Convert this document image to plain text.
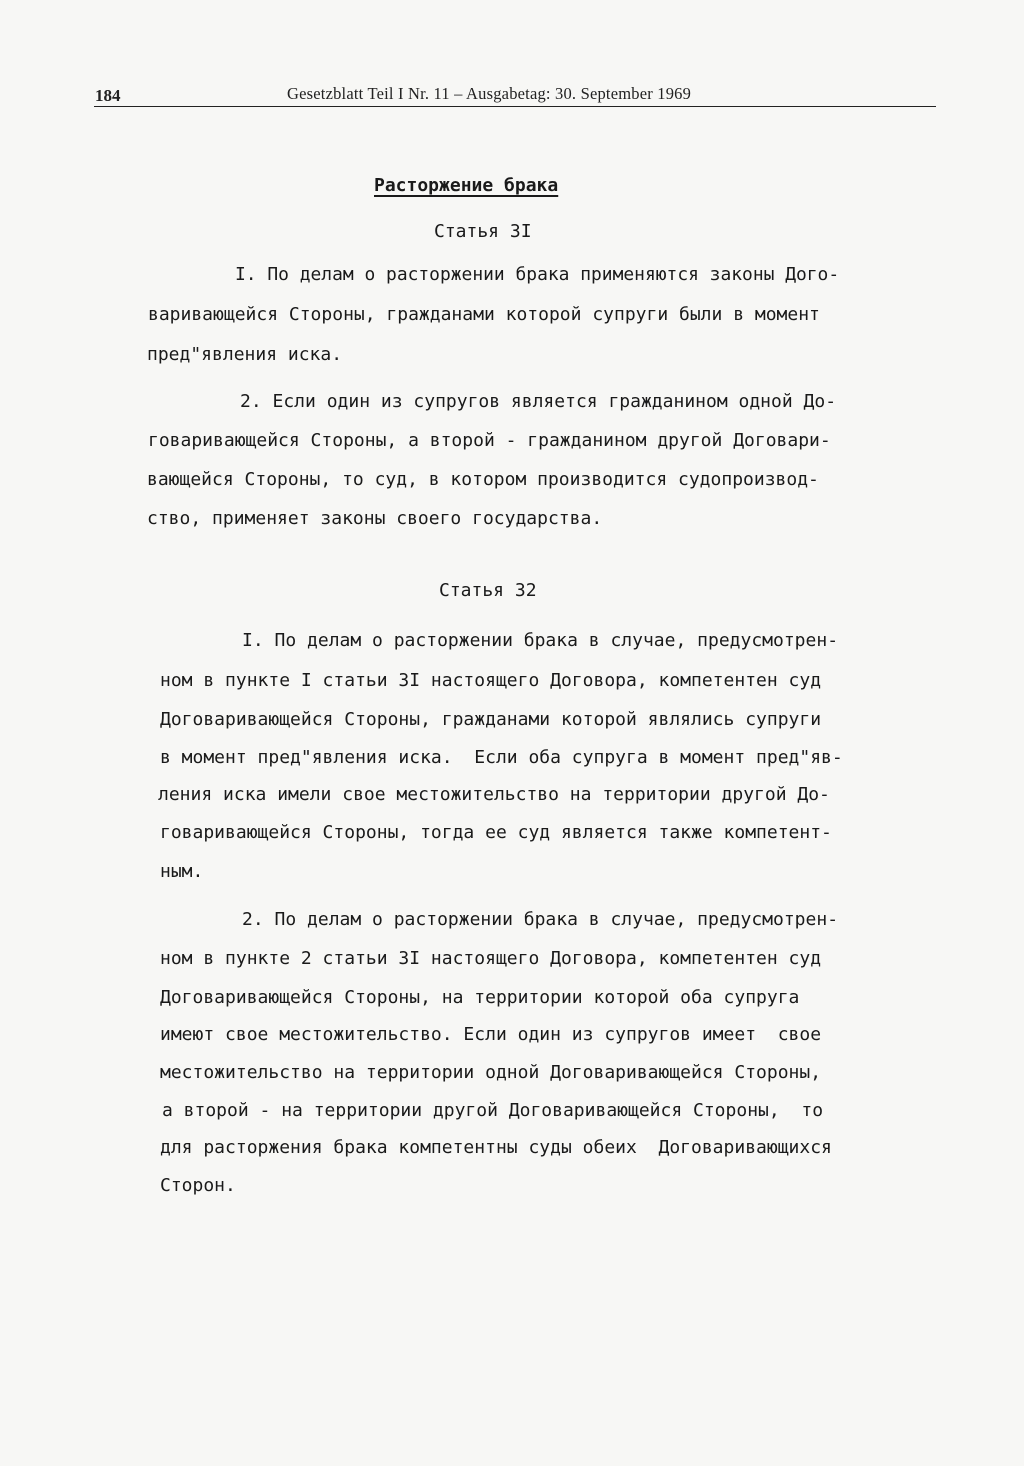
184	Gesetzblatt Teil I Nr. 11 – Ausgabetag: 30. September 1969
Расторжение брака
Статья 3I
I. По делам о расторжении брака применяются законы Дого-
варивающейся Стороны, гражданами которой супруги были в момент
пред"явления иска.
2. Если один из супругов является гражданином одной До-
говаривающейся Стороны, а второй - гражданином другой Договари-
вающейся Стороны, то суд, в котором производится судопроизвод-
ство, применяет законы своего государства.
Статья 32
I. По делам о расторжении брака в случае, предусмотрен-
ном в пункте I статьи 3I настоящего Договора, компетентен суд
Договаривающейся Стороны, гражданами которой являлись супруги
в момент пред"явления иска.  Если оба супруга в момент пред"яв-
ления иска имели свое местожительство на территории другой До-
говаривающейся Стороны, тогда ее суд является также компетент-
ным.
2. По делам о расторжении брака в случае, предусмотрен-
ном в пункте 2 статьи 3I настоящего Договора, компетентен суд
Договаривающейся Стороны, на территории которой оба супруга
имеют свое местожительство. Если один из супругов имеет  свое
местожительство на территории одной Договаривающейся Стороны,
а второй - на территории другой Договаривающейся Стороны,  то
для расторжения брака компетентны суды обеих  Договаривающихся
Сторон.
